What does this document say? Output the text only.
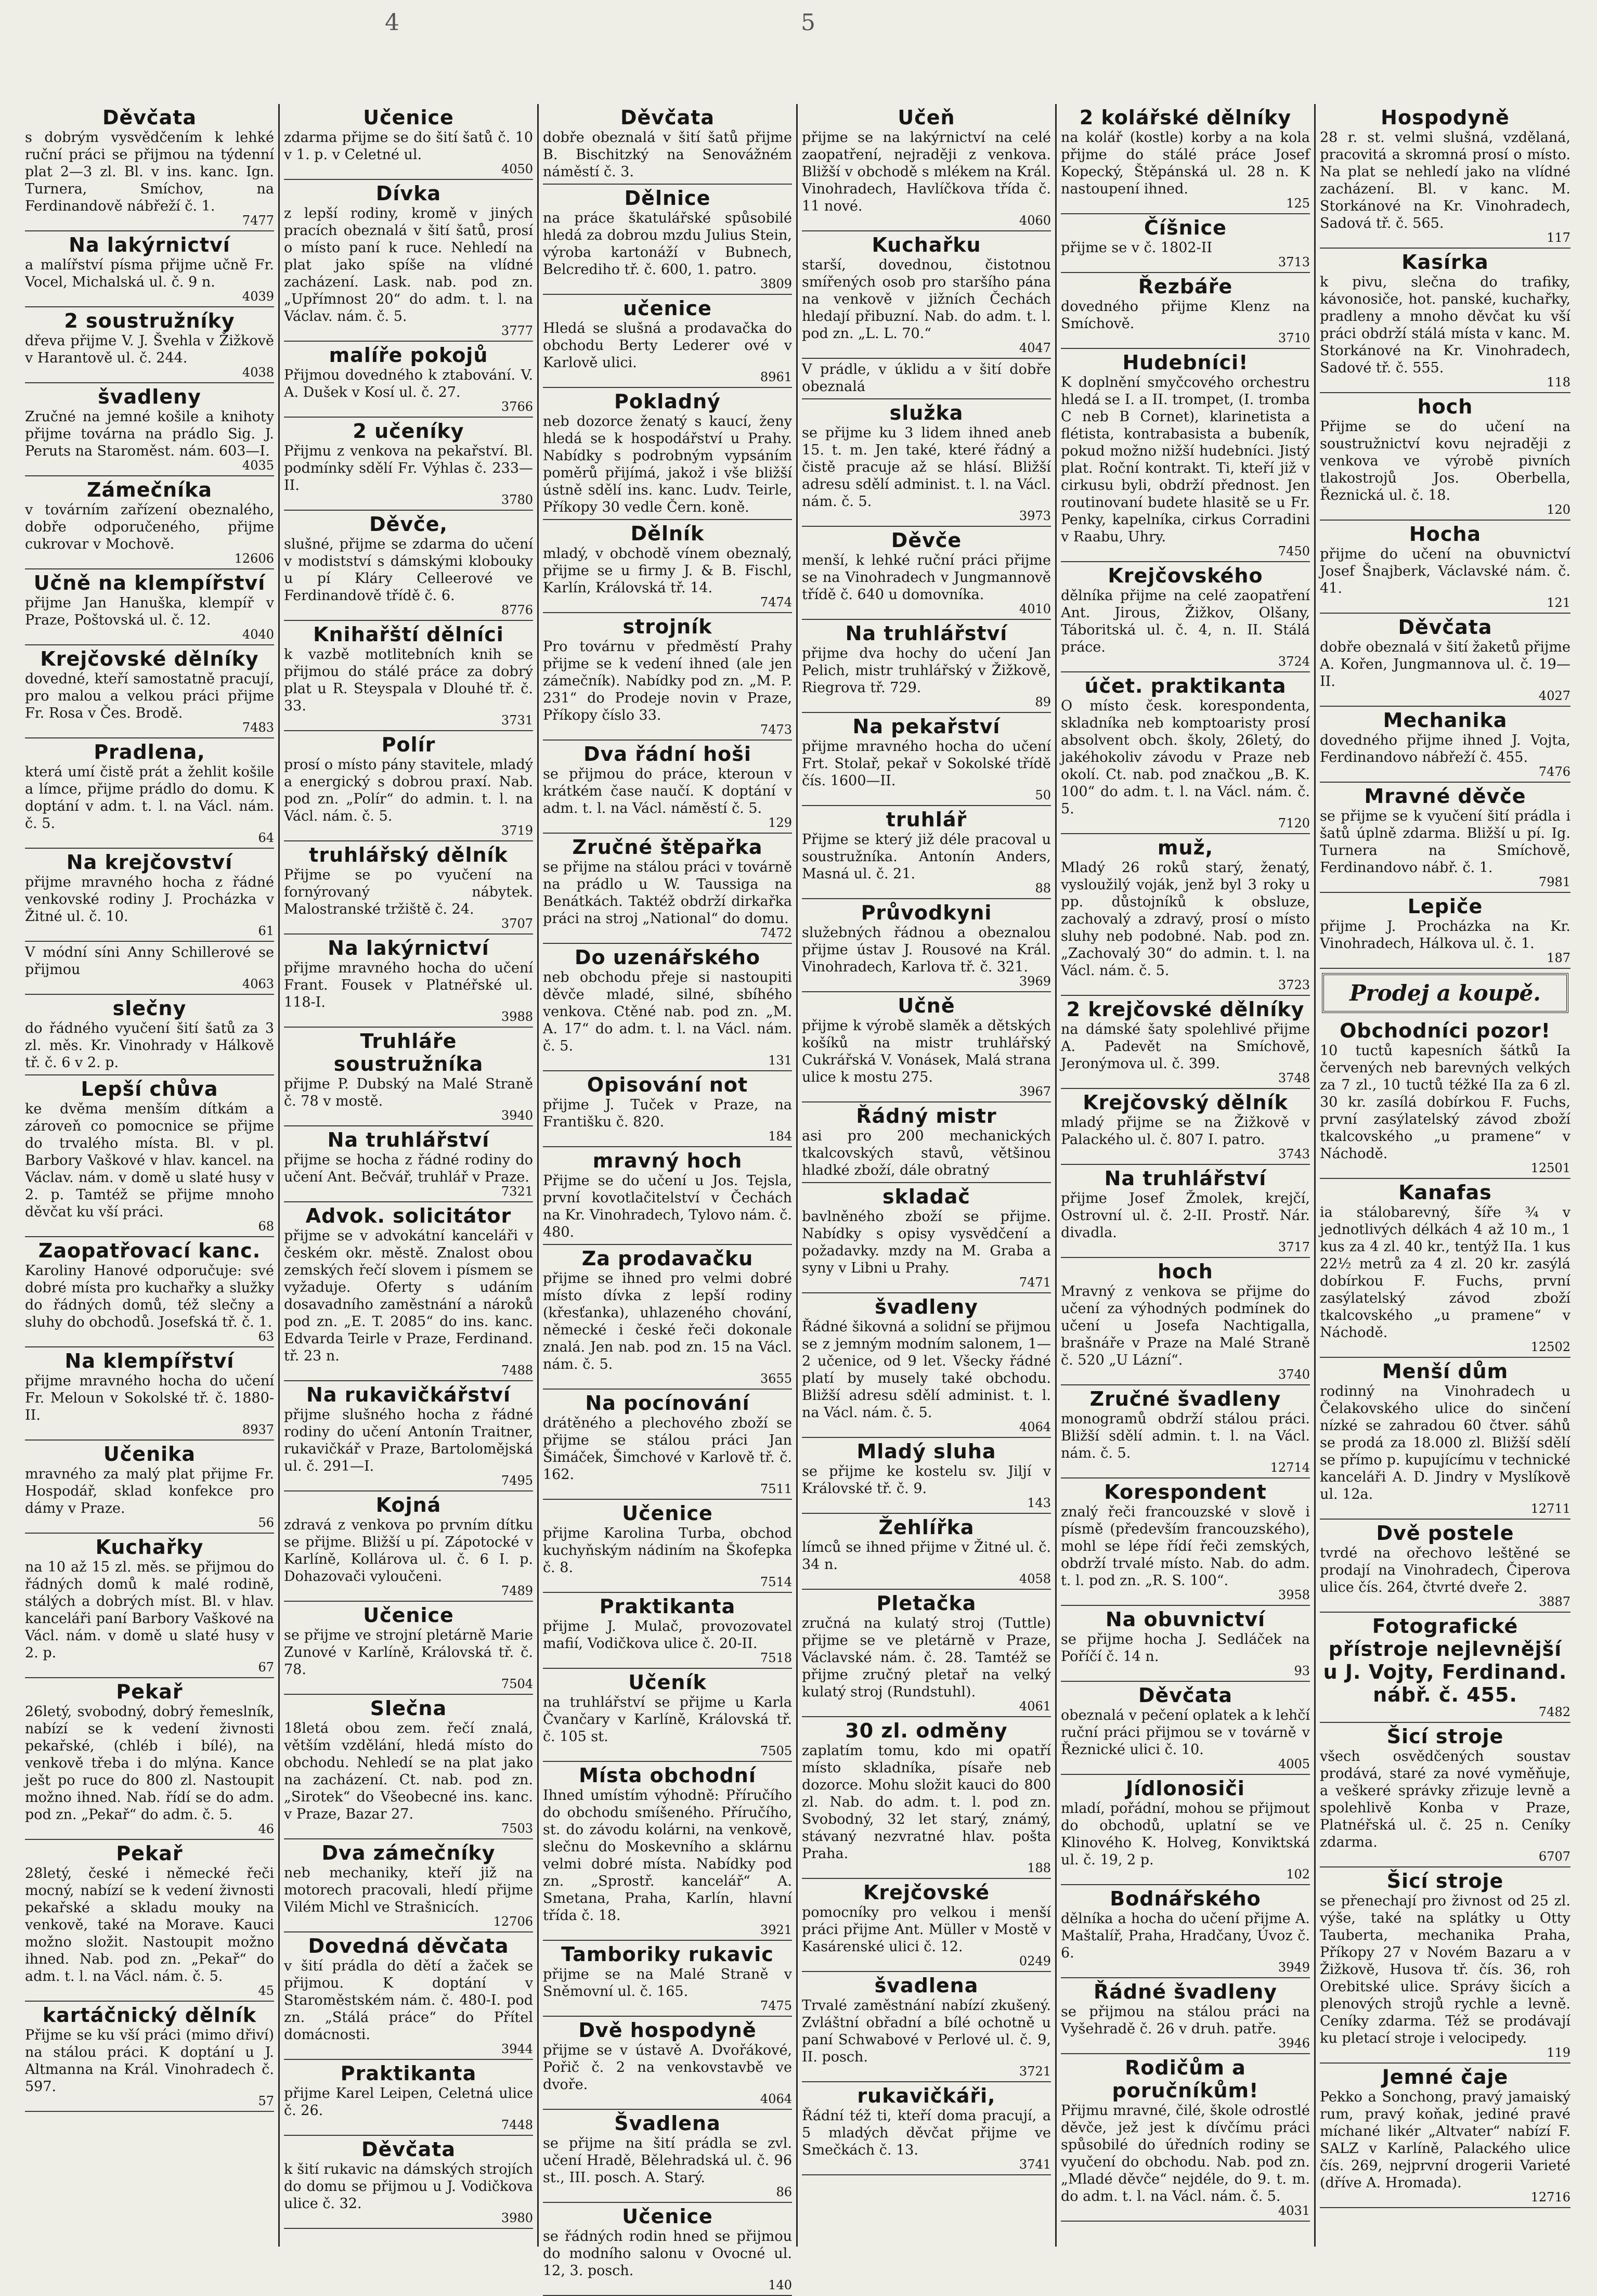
4	5
Děvčata
s dobrým vysvědčením k lehké ruční práci se přijmou na týdenní plat 2—3 zl. Bl. v ins. kanc. Ign. Turnera, Smíchov, na Ferdinandově nábřeží č. 1.
7477
Na lakýrnictví
a malířství písma přijme učně Fr. Vocel, Michalská ul. č. 9 n.
4039
2 soustružníky
dřeva přijme V. J. Švehla v Žižkově v Harantově ul. č. 244.
4038
švadleny
Zručné na jemné košile a knihoty přijme továrna na prádlo Sig. J. Peruts na Staroměst. nám. 603—I.
4035
Zámečníka
v továrním zařízení obeznalého, dobře odporučeného, přijme cukrovar v Mochově.
12606
Učně na klempířství
přijme Jan Hanuška, klempíř v Praze, Poštovská ul. č. 12.
4040
Krejčovské dělníky
dovedné, kteří samostatně pracují, pro malou a velkou práci přijme Fr. Rosa v Čes. Brodě.
7483
Pradlena,
která umí čistě prát a žehlit košile a límce, přijme prádlo do domu. K doptání v adm. t. l. na Václ. nám. č. 5.
64
Na krejčovství
přijme mravného hocha z řádné venkovské rodiny J. Procházka v Žitné ul. č. 10.
61
V módní síni Anny Schillerové se přijmou
4063
slečny
do řádného vyučení šití šatů za 3 zl. měs. Kr. Vinohrady v Hálkově tř. č. 6 v 2. p.
Lepší chůva
ke dvěma menším dítkám a zároveň co pomocnice se přijme do trvalého místa. Bl. v pl. Barbory Vaškové v hlav. kancel. na Václav. nám. v domě u slaté husy v 2. p. Tamtéž se přijme mnoho děvčat ku vší práci.
68
Zaopatřovací kanc.
Karoliny Hanové odporučuje: své dobré místa pro kuchařky a služky do řádných domů, též slečny a sluhy do obchodů. Josefská tř. č. 1.
63
Na klempířství
přijme mravného hocha do učení Fr. Meloun v Sokolské tř. č. 1880-II.
8937
Učenika
mravného za malý plat přijme Fr. Hospodář, sklad konfekce pro dámy v Praze.
56
Kuchařky
na 10 až 15 zl. měs. se přijmou do řádných domů k malé rodině, stálých a dobrých míst. Bl. v hlav. kanceláři paní Barbory Vaškové na Václ. nám. v domě u slaté husy v 2. p.
67
Pekař
26letý, svobodný, dobrý řemeslník, nabízí se k vedení živnosti pekařské, (chléb i bílé), na venkově třeba i do mlýna. Kance ješt po ruce do 800 zl. Nastoupit možno ihned. Nab. řídí se do adm. pod zn. „Pekař“ do adm. č. 5.
46
Pekař
28letý, české i německé řeči mocný, nabízí se k vedení živnosti pekařské a skladu mouky na venkově, také na Morave. Kauci možno složit. Nastoupit možno ihned. Nab. pod zn. „Pekař“ do adm. t. l. na Václ. nám. č. 5.
45
kartáčnický dělník
Přijme se ku vší práci (mimo dřiví) na stálou práci. K doptání u J. Altmanna na Král. Vinohradech č. 597.
57
Učenice
zdarma přijme se do šití šatů č. 10 v 1. p. v Celetné ul.
4050
Dívka
z lepší rodiny, kromě v jiných pracích obeznalá v šití šatů, prosí o místo paní k ruce. Nehledí na plat jako spíše na vlídné zacházení. Lask. nab. pod zn. „Upřímnost 20“ do adm. t. l. na Václav. nám. č. 5.
3777
malíře pokojů
Přijmou dovedného k ztabování. V. A. Dušek v Kosí ul. č. 27.
3766
2 učeníky
Přijmu z venkova na pekařství. Bl. podmínky sdělí Fr. Výhlas č. 233—II.
3780
Děvče,
slušné, přijme se zdarma do učení v modistství s dámskými klobouky u pí Kláry Celleerové ve Ferdinandově třídě č. 6.
8776
Knihařští dělníci
k vazbě motlitebních knih se přijmou do stálé práce za dobrý plat u R. Steyspala v Dlouhé tř. č. 33.
3731
Polír
prosí o místo pány stavitele, mladý a energický s dobrou praxí. Nab. pod zn. „Polír“ do admin. t. l. na Václ. nám. č. 5.
3719
truhlářský dělník
Přijme se po vyučení na fornýrovaný nábytek. Malostranské tržiště č. 24.
3707
Na lakýrnictví
přijme mravného hocha do učení Frant. Fousek v Platnéřské ul. 118-I.
3988
Truhláře soustružníka
přijme P. Dubský na Malé Straně č. 78 v mostě.
3940
Na truhlářství
přijme se hocha z řádné rodiny do učení Ant. Bečvář, truhlář v Praze.
7321
Advok. solicitátor
přijme se v advokátní kanceláři v českém okr. městě. Znalost obou zemských řečí slovem i písmem se vyžaduje. Oferty s udáním dosavadního zaměstnání a nároků pod zn. „E. T. 2085“ do ins. kanc. Edvarda Teirle v Praze, Ferdinand. tř. 23 n.
7488
Na rukavičkářství
přijme slušného hocha z řádné rodiny do učení Antonín Traitner, rukavičkář v Praze, Bartolomějská ul. č. 291—I.
7495
Kojná
zdravá z venkova po prvním dítku se přijme. Bližší u pí. Zápotocké v Karlíně, Kollárova ul. č. 6 I. p. Dohazovači vyloučeni.
7489
Učenice
se přijme ve strojní pletárně Marie Zunové v Karlíně, Královská tř. č. 78.
7504
Slečna
18letá obou zem. řečí znalá, větším vzdělání, hledá místo do obchodu. Nehledí se na plat jako na zacházení. Ct. nab. pod zn. „Sirotek“ do Všeobecné ins. kanc. v Praze, Bazar 27.
7503
Dva zámečníky
neb mechaniky, kteří již na motorech pracovali, hledí přijme Vilém Michl ve Strašnicích.
12706
Dovedná děvčata
v šití prádla do dětí a žaček se přijmou. K doptání v Staroměstském nám. č. 480-I. pod zn. „Stálá práce“ do Přítel domácnosti.
3944
Praktikanta
přijme Karel Leipen, Celetná ulice č. 26.
7448
Děvčata
k šití rukavic na dámských strojích do domu se přijmou u J. Vodičkova ulice č. 32.
3980
Děvčata
dobře obeznalá v šití šatů přijme B. Bischitzký na Senovážném náměstí č. 3.
Dělnice
na práce škatulářské spůsobilé hledá za dobrou mzdu Julius Stein, výroba kartonáží v Bubnech, Belcrediho tř. č. 600, 1. patro.
3809
učenice
Hledá se slušná a prodavačka do obchodu Berty Lederer ové v Karlově ulici.
8961
Pokladný
neb dozorce ženatý s kaucí, ženy hledá se k hospodářství u Prahy. Nabídky s podrobným vypsáním poměrů přijímá, jakož i vše bližší ústně sdělí ins. kanc. Ludv. Teirle, Příkopy 30 vedle Čern. koně.
Dělník
mladý, v obchodě vínem obeznalý, přijme se u firmy J. & B. Fischl, Karlín, Královská tř. 14.
7474
strojník
Pro továrnu v předměstí Prahy přijme se k vedení ihned (ale jen zámečník). Nabídky pod zn. „M. P. 231“ do Prodeje novin v Praze, Příkopy číslo 33.
7473
Dva řádní hoši
se přijmou do práce, kteroun v krátkém čase naučí. K doptání v adm. t. l. na Václ. náměstí č. 5.
129
Zručné štěpařka
se přijme na stálou práci v továrně na prádlo u W. Taussiga na Benátkách. Taktéž obdrží dirkařka práci na stroj „National“ do domu.
7472
Do uzenářského
neb obchodu přeje si nastoupiti děvče mladé, silné, sbíhého venkova. Ctěné nab. pod zn. „M. A. 17“ do adm. t. l. na Václ. nám. č. 5.
131
Opisování not
přijme J. Tuček v Praze, na Františku č. 820.
184
mravný hoch
Přijme se do učení u Jos. Tejsla, první kovotlačitelství v Čechách na Kr. Vinohradech, Tylovo nám. č. 480.
Za prodavačku
přijme se ihned pro velmi dobré místo dívka z lepší rodiny (křesťanka), uhlazeného chování, německé i české řeči dokonale znalá. Jen nab. pod zn. 15 na Václ. nám. č. 5.
3655
Na pocínování
drátěného a plechového zboží se přijme se stálou práci Jan Šimáček, Šimchové v Karlově tř. č. 162.
7511
Učenice
přijme Karolina Turba, obchod kuchyňským nádiním na Škofepka č. 8.
7514
Praktikanta
přijme J. Mulač, provozovatel mafií, Vodičkova ulice č. 20-II.
7518
Učeník
na truhlářství se přijme u Karla Čvančary v Karlíně, Královská tř. č. 105 st.
7505
Místa obchodní
Ihned umístím výhodně: Příručího do obchodu smíšeného. Příručího, st. do závodu kolárni, na venkově, slečnu do Moskevního a sklárnu velmi dobré místa. Nabídky pod zn. „Sprostř. kancelář“ A. Smetana, Praha, Karlín, hlavní třída č. 18.
3921
Tamboriky rukavic
přijme se na Malé Straně v Sněmovní ul. č. 165.
7475
Dvě hospodyně
přijme se v ústavě A. Dvořákové, Pořič č. 2 na venkovstavbě ve dvoře.
4064
Švadlena
se přijme na šití prádla se zvl. učení Hradě, Bělehradská ul. č. 96 st., III. posch. A. Starý.
86
Učenice
se řádných rodin hned se přijmou do modního salonu v Ovocné ul. 12, 3. posch.
140
Učeň
přijme se na lakýrnictví na celé zaopatření, nejraději z venkova. Bližší v obchodě s mlékem na Král. Vinohradech, Havlíčkova třída č. 11 nové.
4060
Kuchařku
starší, dovednou, čistotnou smířených osob pro staršího pána na venkově v jižních Čechách hledají přibuzní. Nab. do adm. t. l. pod zn. „L. L. 70.“
4047
V prádle, v úklidu a v šití dobře obeznalá
služka
se přijme ku 3 lidem ihned aneb 15. t. m. Jen také, které řádný a čistě pracuje až se hlásí. Bližší adresu sdělí administ. t. l. na Václ. nám. č. 5.
3973
Děvče
menší, k lehké ruční práci přijme se na Vinohradech v Jungmannově třídě č. 640 u domovníka.
4010
Na truhlářství
přijme dva hochy do učení Jan Pelich, mistr truhlářský v Žižkově, Riegrova tř. 729.
89
Na pekařství
přijme mravného hocha do učení Frt. Stolař, pekař v Sokolské třídě čís. 1600—II.
50
truhlář
Přijme se který již déle pracoval u soustružníka. Antonín Anders, Masná ul. č. 21.
88
Průvodkyni
služebných řádnou a obeznalou přijme ústav J. Rousové na Král. Vinohradech, Karlova tř. č. 321.
3969
Učně
přijme k výrobě slaměk a dětských košíků na mistr truhlářský Cukrářská V. Vonásek, Malá strana ulice k mostu 275.
3967
Řádný mistr
asi pro 200 mechanických tkalcovských stavů, většinou hladké zboží, dále obratný
skladač
bavlněného zboží se přijme. Nabídky s opisy vysvědčení a požadavky. mzdy na M. Graba a syny v Libni u Prahy.
7471
švadleny
Řádné šikovná a solidní se přijmou se z jemným modním salonem, 1—2 učenice, od 9 let. Všecky řádné platí by musely také obchodu. Bližší adresu sdělí administ. t. l. na Václ. nám. č. 5.
4064
Mladý sluha
se přijme ke kostelu sv. Jiljí v Královské tř. č. 9.
143
Žehlířka
límců se ihned přijme v Žitné ul. č. 34 n.
4058
Pletačka
zručná na kulatý stroj (Tuttle) přijme se ve pletárně v Praze, Václavské nám. č. 28. Tamtéž se přijme zručný pletař na velký kulatý stroj (Rundstuhl).
4061
30 zl. odměny
zaplatím tomu, kdo mi opatří místo skladníka, písaře neb dozorce. Mohu složit kauci do 800 zl. Nab. do adm. t. l. pod zn. Svobodný, 32 let starý, známý, stávaný nezvratné hlav. pošta Praha.
188
Krejčovské
pomocníky pro velkou i menší práci přijme Ant. Müller v Mostě v Kasárenské ulici č. 12.
0249
švadlena
Trvalé zaměstnání nabízí zkušený. Zvláštní obřadní a bílé ochotně u paní Schwabové v Perlové ul. č. 9, II. posch.
3721
rukavičkáři,
Řádní též ti, kteří doma pracují, a 5 mladých děvčat přijme ve Smečkách č. 13.
3741
2 kolářské dělníky
na kolář (kostle) korby a na kola přijme do stálé práce Josef Kopecký, Štěpánská ul. 28 n. K nastoupení ihned.
125
Číšnice
přijme se v č. 1802-II
3713
Řezbáře
dovedného přijme Klenz na Smíchově.
3710
Hudebníci!
K doplnění smyčcového orchestru hledá se I. a II. trompet, (I. tromba C neb B Cornet), klarinetista a flétista, kontrabasista a bubeník, pokud možno nižší hudebníci. Jistý plat. Roční kontrakt. Ti, kteří již v cirkusu byli, obdrží přednost. Jen routinovaní budete hlasitě se u Fr. Penky, kapelníka, cirkus Corradini v Raabu, Uhry.
7450
Krejčovského
dělníka přijme na celé zaopatření Ant. Jirous, Žižkov, Olšany, Táboritská ul. č. 4, n. II. Stálá práce.
3724
účet. praktikanta
O místo česk. korespondenta, skladníka neb komptoaristy prosí absolvent obch. školy, 26letý, do jakéhokoliv závodu v Praze neb okolí. Ct. nab. pod značkou „B. K. 100“ do adm. t. l. na Václ. nám. č. 5.
7120
muž,
Mladý 26 roků starý, ženatý, vysloužilý voják, jenž byl 3 roky u pp. důstojníků k obsluze, zachovalý a zdravý, prosí o místo sluhy neb podobné. Nab. pod zn. „Zachovalý 30“ do admin. t. l. na Václ. nám. č. 5.
3723
2 krejčovské dělníky
na dámské šaty spolehlivé přijme A. Padevět na Smíchově, Jeronýmova ul. č. 399.
3748
Krejčovský dělník
mladý přijme se na Žižkově v Palackého ul. č. 807 I. patro.
3743
Na truhlářství
přijme Josef Žmolek, krejčí, Ostrovní ul. č. 2-II. Prostř. Nár. divadla.
3717
hoch
Mravný z venkova se přijme do učení za výhodných podmínek do učení u Josefa Nachtigalla, brašnáře v Praze na Malé Straně č. 520 „U Lázní“.
3740
Zručné švadleny
monogramů obdrží stálou práci. Bližší sdělí admin. t. l. na Václ. nám. č. 5.
12714
Korespondent
znalý řeči francouzské v slově i písmě (především francouzského), mohl se lépe řídí řeči zemských, obdrží trvalé místo. Nab. do adm. t. l. pod zn. „R. S. 100“.
3958
Na obuvnictví
se přijme hocha J. Sedláček na Poříčí č. 14 n.
93
Děvčata
obeznalá v pečení oplatek a k lehčí ruční práci přijmou se v továrně v Řeznické ulici č. 10.
4005
Jídlonosiči
mladí, pořádní, mohou se přijmout do obchodů, uplatní se ve Klinového K. Holveg, Konviktská ul. č. 19, 2 p.
102
Bodnářského
dělníka a hocha do učení přijme A. Maštalíř, Praha, Hradčany, Úvoz č. 6.
3949
Řádné švadleny
se přijmou na stálou práci na Vyšehradě č. 26 v druh. patře.
3946
Rodičům a poručníkům!
Přijmu mravné, čilé, škole odrostlé děvče, jež jest k dívčímu práci spůsobilé do úředních rodiny se vyučení do obchodu. Nab. pod zn. „Mladé děvče“ nejdéle, do 9. t. m. do adm. t. l. na Václ. nám. č. 5.
4031
Hospodyně
28 r. st. velmi slušná, vzdělaná, pracovitá a skromná prosí o místo. Na plat se nehledí jako na vlídné zacházení. Bl. v kanc. M. Storkánové na Kr. Vinohradech, Sadová tř. č. 565.
117
Kasírka
k pivu, slečna do trafiky, kávonosiče, hot. panské, kuchařky, pradleny a mnoho děvčat ku vší práci obdrží stálá místa v kanc. M. Storkánové na Kr. Vinohradech, Sadové tř. č. 555.
118
hoch
Přijme se do učení na soustružnictví kovu nejraději z venkova ve výrobě pivních tlakostrojů Jos. Oberbella, Řeznická ul. č. 18.
120
Hocha
přijme do učení na obuvnictví Josef Šnajberk, Václavské nám. č. 41.
121
Děvčata
dobře obeznalá v šití žaketů přijme A. Kořen, Jungmannova ul. č. 19—II.
4027
Mechanika
dovedného přijme ihned J. Vojta, Ferdinandovo nábřeží č. 455.
7476
Mravné děvče
se přijme se k vyučení šití prádla i šatů úplně zdarma. Bližší u pí. Ig. Turnera na Smíchově, Ferdinandovo nábř. č. 1.
7981
Lepiče
přijme J. Procházka na Kr. Vinohradech, Hálkova ul. č. 1.
187
Prodej a koupě.
Obchodníci pozor!
10 tuctů kapesních šátků Ia červených neb barevných velkých za 7 zl., 10 tuctů téžké IIa za 6 zl. 30 kr. zasílá dobírkou F. Fuchs, první zasýlatelský závod zboží tkalcovského „u pramene“ v Náchodě.
12501
Kanafas
ia stálobarevný, šíře ¾ v jednotlivých délkách 4 až 10 m., 1 kus za 4 zl. 40 kr., tentýž IIa. 1 kus 22½ metrů za 4 zl. 20 kr. zasýlá dobírkou F. Fuchs, první zasýlatelský závod zboží tkalcovského „u pramene“ v Náchodě.
12502
Menší dům
rodinný na Vinohradech u Čelakovského ulice do sinčení nízké se zahradou 60 čtver. sáhů se prodá za 18.000 zl. Bližší sdělí se přímo p. kupujícímu v technické kanceláři A. D. Jindry v Myslíkově ul. 12a.
12711
Dvě postele
tvrdé na ořechovo leštěné se prodají na Vinohradech, Čiperova ulice čís. 264, čtvrté dveře 2.
3887
Fotografické přístroje nejlevnější u J. Vojty, Ferdinand. nábř. č. 455.
7482
Šicí stroje
všech osvědčených soustav prodává, staré za nové vyměňuje, a veškeré správky zřizuje levně a spolehlivě Konba v Praze, Platnéřská ul. č. 25 n. Ceníky zdarma.
6707
Šicí stroje
se přenechají pro živnost od 25 zl. výše, také na splátky u Otty Tauberta, mechanika Praha, Příkopy 27 v Novém Bazaru a v Žižkově, Husova tř. čís. 36, roh Orebitské ulice. Správy šicích a plenových strojů rychle a levně. Ceníky zdarma. Též se prodávají ku pletací stroje i velocipedy.
119
Jemné čaje
Pekko a Sonchong, pravý jamaiský rum, pravý koňak, jediné pravé míchané likér „Altvater“ nabízí F. SALZ v Karlíně, Palackého ulice čís. 269, nejprvní drogerii Varieté (dříve A. Hromada).
12716
